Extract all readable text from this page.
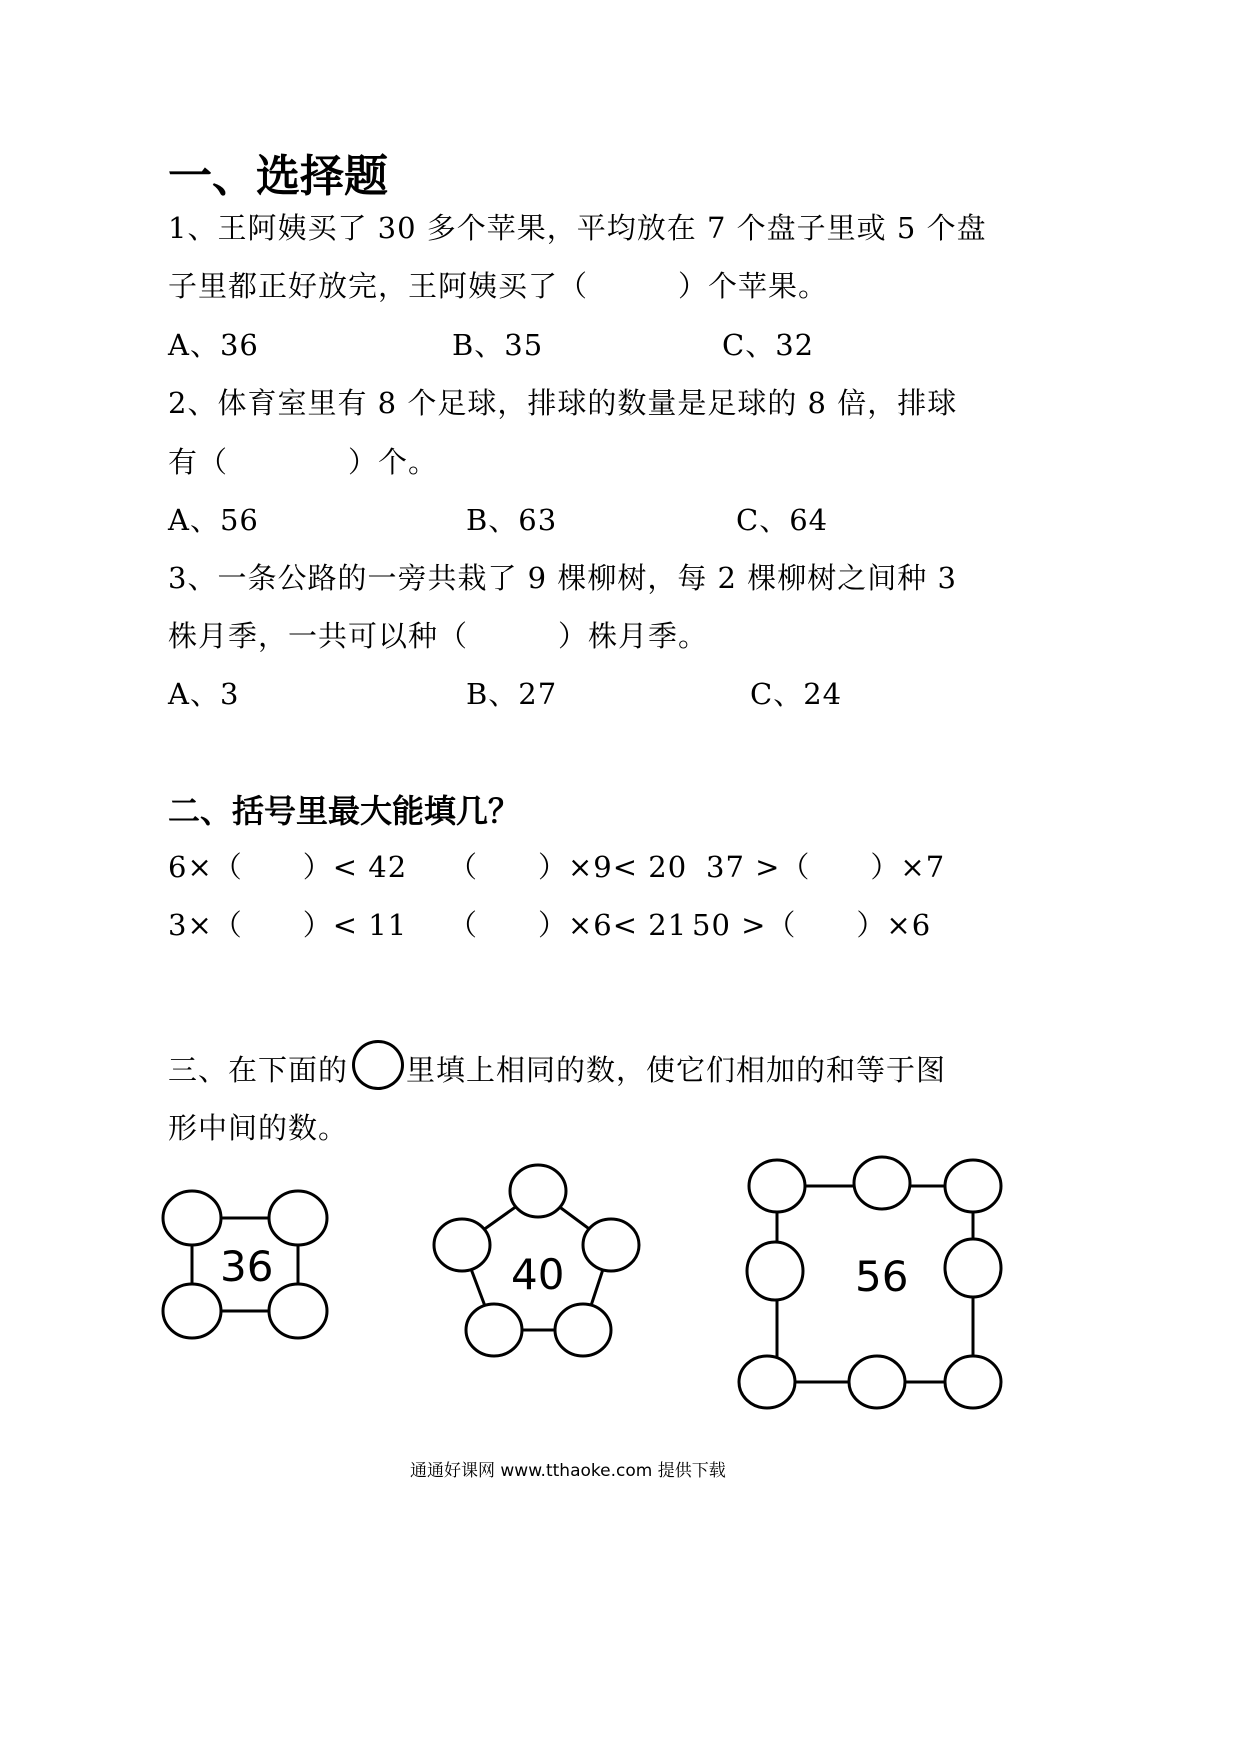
一、选择题
1、王阿姨买了 30 多个苹果，平均放在 7 个盘子里或 5 个盘
子里都正好放完，王阿姨买了（　　　）个苹果。
A、36	B、35	C、32
2、体育室里有 8 个足球，排球的数量是足球的 8 倍，排球
有（　　　　）个。
A、56	B、63	C、64
3、一条公路的一旁共栽了 9 棵柳树，每 2 棵柳树之间种 3
株月季，一共可以种（　　　）株月季。
A、3	B、27	C、24
二、括号里最大能填几？
6×（　　）< 42 （　　）×9< 20 37 >（　　）×7
3×（　　）< 11 （　　）×6< 21 50 >（　　）×6
三、在下面的 里填上相同的数，使它们相加的和等于图
形中间的数。
36	40	56
通通好课网 www.tthaoke.com 提供下载
